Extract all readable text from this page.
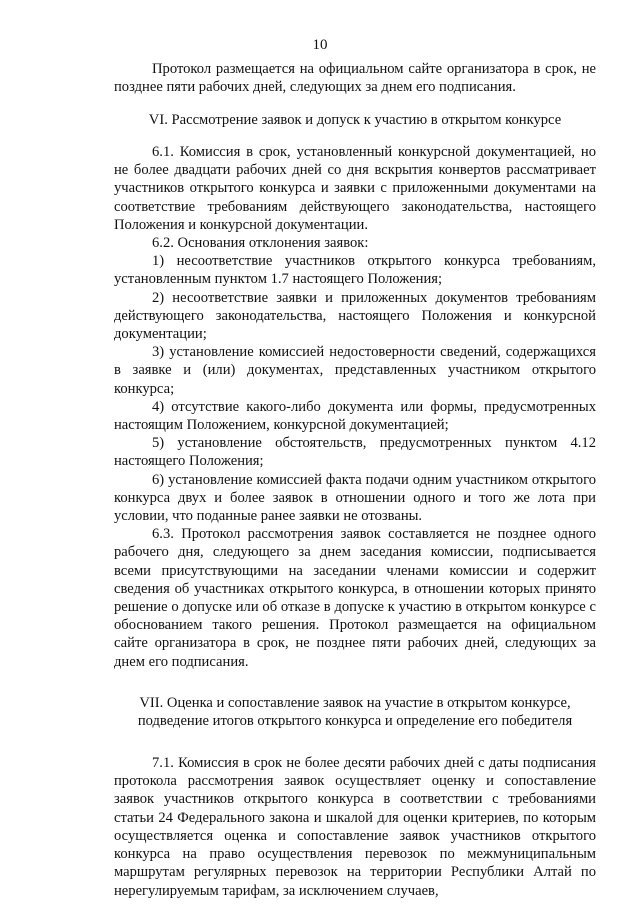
10

Протокол размещается на официальном сайте организатора в срок, не позднее пяти рабочих дней, следующих за днем его подписания.

VI. Рассмотрение заявок и допуск к участию в открытом конкурсе

6.1. Комиссия в срок, установленный конкурсной документацией, но не более двадцати рабочих дней со дня вскрытия конвертов рассматривает участников открытого конкурса и заявки с приложенными документами на соответствие требованиям действующего законодательства, настоящего Положения и конкурсной документации.

6.2. Основания отклонения заявок:

1) несоответствие участников открытого конкурса требованиям, установленным пунктом 1.7 настоящего Положения;

2) несоответствие заявки и приложенных документов требованиям действующего законодательства, настоящего Положения и конкурсной документации;

3) установление комиссией недостоверности сведений, содержащихся в заявке и (или) документах, представленных участником открытого конкурса;

4) отсутствие какого-либо документа или формы, предусмотренных настоящим Положением, конкурсной документацией;

5) установление обстоятельств, предусмотренных пунктом 4.12 настоящего Положения;

6) установление комиссией факта подачи одним участником открытого конкурса двух и более заявок в отношении одного и того же лота при условии, что поданные ранее заявки не отозваны.

6.3. Протокол рассмотрения заявок составляется не позднее одного рабочего дня, следующего за днем заседания комиссии, подписывается всеми присутствующими на заседании членами комиссии и содержит сведения об участниках открытого конкурса, в отношении которых принято решение о допуске или об отказе в допуске к участию в открытом конкурсе с обоснованием такого решения. Протокол размещается на официальном сайте организатора в срок, не позднее пяти рабочих дней, следующих за днем его подписания.

VII. Оценка и сопоставление заявок на участие в открытом конкурсе,

подведение итогов открытого конкурса и определение его победителя

7.1. Комиссия в срок не более десяти рабочих дней с даты подписания протокола рассмотрения заявок осуществляет оценку и сопоставление заявок участников открытого конкурса в соответствии с требованиями статьи 24 Федерального закона и шкалой для оценки критериев, по которым осуществляется оценка и сопоставление заявок участников открытого конкурса на право осуществления перевозок по межмуниципальным маршрутам регулярных перевозок на территории Республики Алтай по нерегулируемым тарифам, за исключением случаев,
